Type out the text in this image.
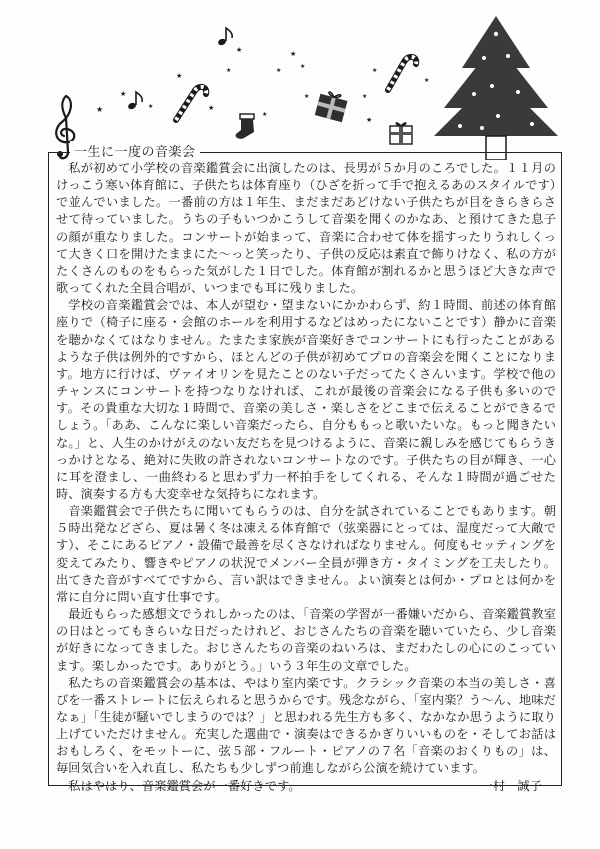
★
★
★
★
★
★
★
★
★
★
★
★
★
★
★
★
一生に一度の音楽会

私が初めて小学校の音楽鑑賞会に出演したのは、長男が５か月のころでした。１１月のけっこう寒い体育館に、子供たちは体育座り（ひざを折って手で抱えるあのスタイルです）で並んでいました。一番前の方は１年生、まだまだあどけない子供たちが目をきらきらさせて待っていました。うちの子もいつかこうして音楽を聞くのかなあ、と預けてきた息子の顔が重なりました。コンサートが始まって、音楽に合わせて体を揺すったりうれしくって大きく口を開けたままにた～っと笑ったり、子供の反応は素直で飾りけなく、私の方がたくさんのものをもらった気がした１日でした。体育館が割れるかと思うほど大きな声で歌ってくれた全員合唱が、いつまでも耳に残りました。

学校の音楽鑑賞会では、本人が望む・望まないにかかわらず、約１時間、前述の体育館座りで（椅子に座る・会館のホールを利用するなどはめったにないことです）静かに音楽を聴かなくてはなりません。たまたま家族が音楽好きでコンサートにも行ったことがあるような子供は例外的ですから、ほとんどの子供が初めてプロの音楽会を聞くことになります。地方に行けば、ヴァイオリンを見たことのない子だってたくさんいます。学校で他のチャンスにコンサートを持つなりなければ、これが最後の音楽会になる子供も多いのです。その貴重な大切な１時間で、音楽の美しさ・楽しさをどこまで伝えることができるでしょう。「ああ、こんなに楽しい音楽だったら、自分ももっと歌いたいな。もっと聞きたいな。」と、人生のかけがえのない友だちを見つけるように、音楽に親しみを感じてもらうきっかけとなる、絶対に失敗の許されないコンサートなのです。子供たちの目が輝き、一心に耳を澄まし、一曲終わると思わず力一杯拍手をしてくれる、そんな１時間が過ごせた時、演奏する方も大変幸せな気持ちになれます。

音楽鑑賞会で子供たちに聞いてもらうのは、自分を試されていることでもあります。朝５時出発などざら、夏は暑く冬は凍える体育館で（弦楽器にとっては、湿度だって大敵です）、そこにあるピアノ・設備で最善を尽くさなければなりません。何度もセッティングを変えてみたり、響きやピアノの状況でメンバー全員が弾き方・タイミングを工夫したり。出てきた音がすべてですから、言い訳はできません。よい演奏とは何か・プロとは何かを常に自分に問い直す仕事です。

最近もらった感想文でうれしかったのは、「音楽の学習が一番嫌いだから、音楽鑑賞教室の日はとってもきらいな日だったけれど、おじさんたちの音楽を聴いていたら、少し音楽が好きになってきました。おじさんたちの音楽のねいろは、まだわたしの心にのこっています。楽しかったです。ありがとう。」いう３年生の文章でした。

私たちの音楽鑑賞会の基本は、やはり室内楽です。クラシック音楽の本当の美しさ・喜びを一番ストレートに伝えられると思うからです。残念ながら、「室内楽？う～ん、地味だなぁ」「生徒が騒いでしまうのでは？」と思われる先生方も多く、なかなか思うように取り上げていただけません。充実した選曲で・演奏はできるかぎりいいものを・そしてお話はおもしろく、をモットーに、弦５部・フルート・ピアノの７名「音楽のおくりもの」は、毎回気合いを入れ直し、私たちも少しずつ前進しながら公演を続けています。

私はやはり、音楽鑑賞会が一番好きです。	一村　誠子
